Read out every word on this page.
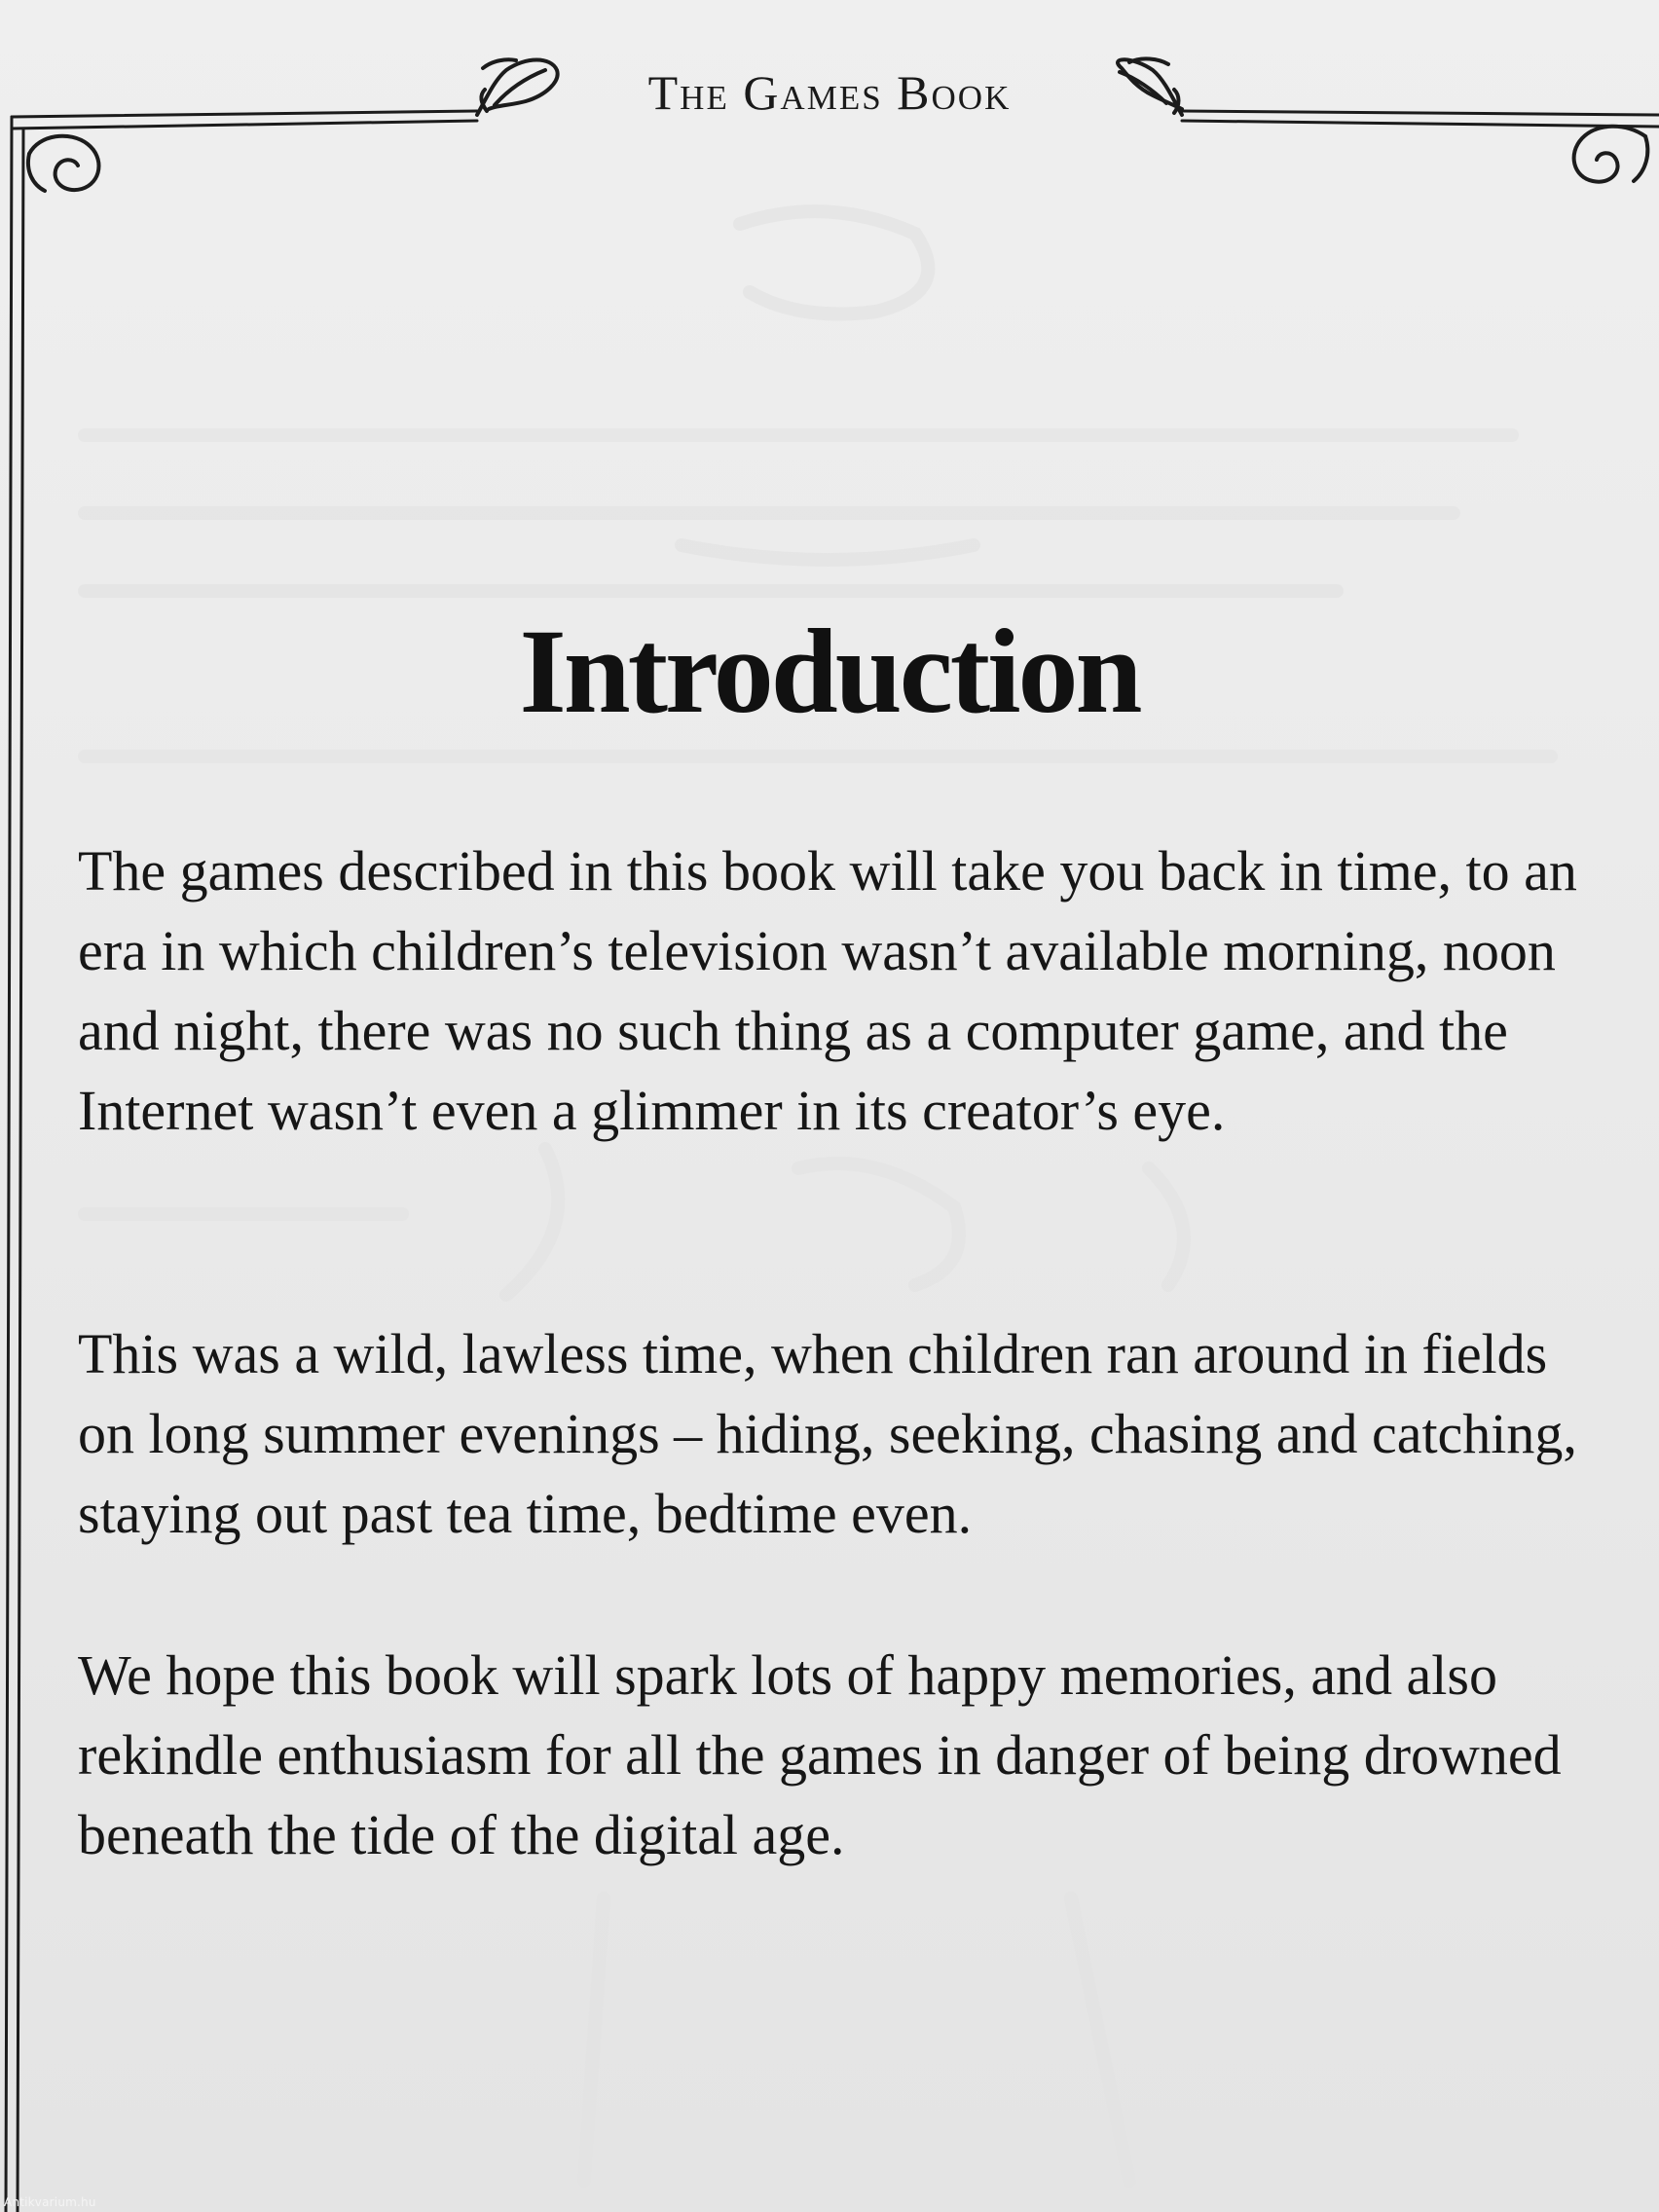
The Games Book
Introduction

The games described in this book will take you back in time, to an era in which children’s television wasn’t available morning, noon and night, there was no such thing as a computer game, and the Internet wasn’t even a glimmer in its creator’s eye.

This was a wild, lawless time, when children ran around in fields on long summer evenings – hiding, seeking, chasing and catching, staying out past tea time, bedtime even.

We hope this book will spark lots of happy memories, and also rekindle enthusiasm for all the games in danger of being drowned beneath the tide of the digital age.

Antikvarium.hu
